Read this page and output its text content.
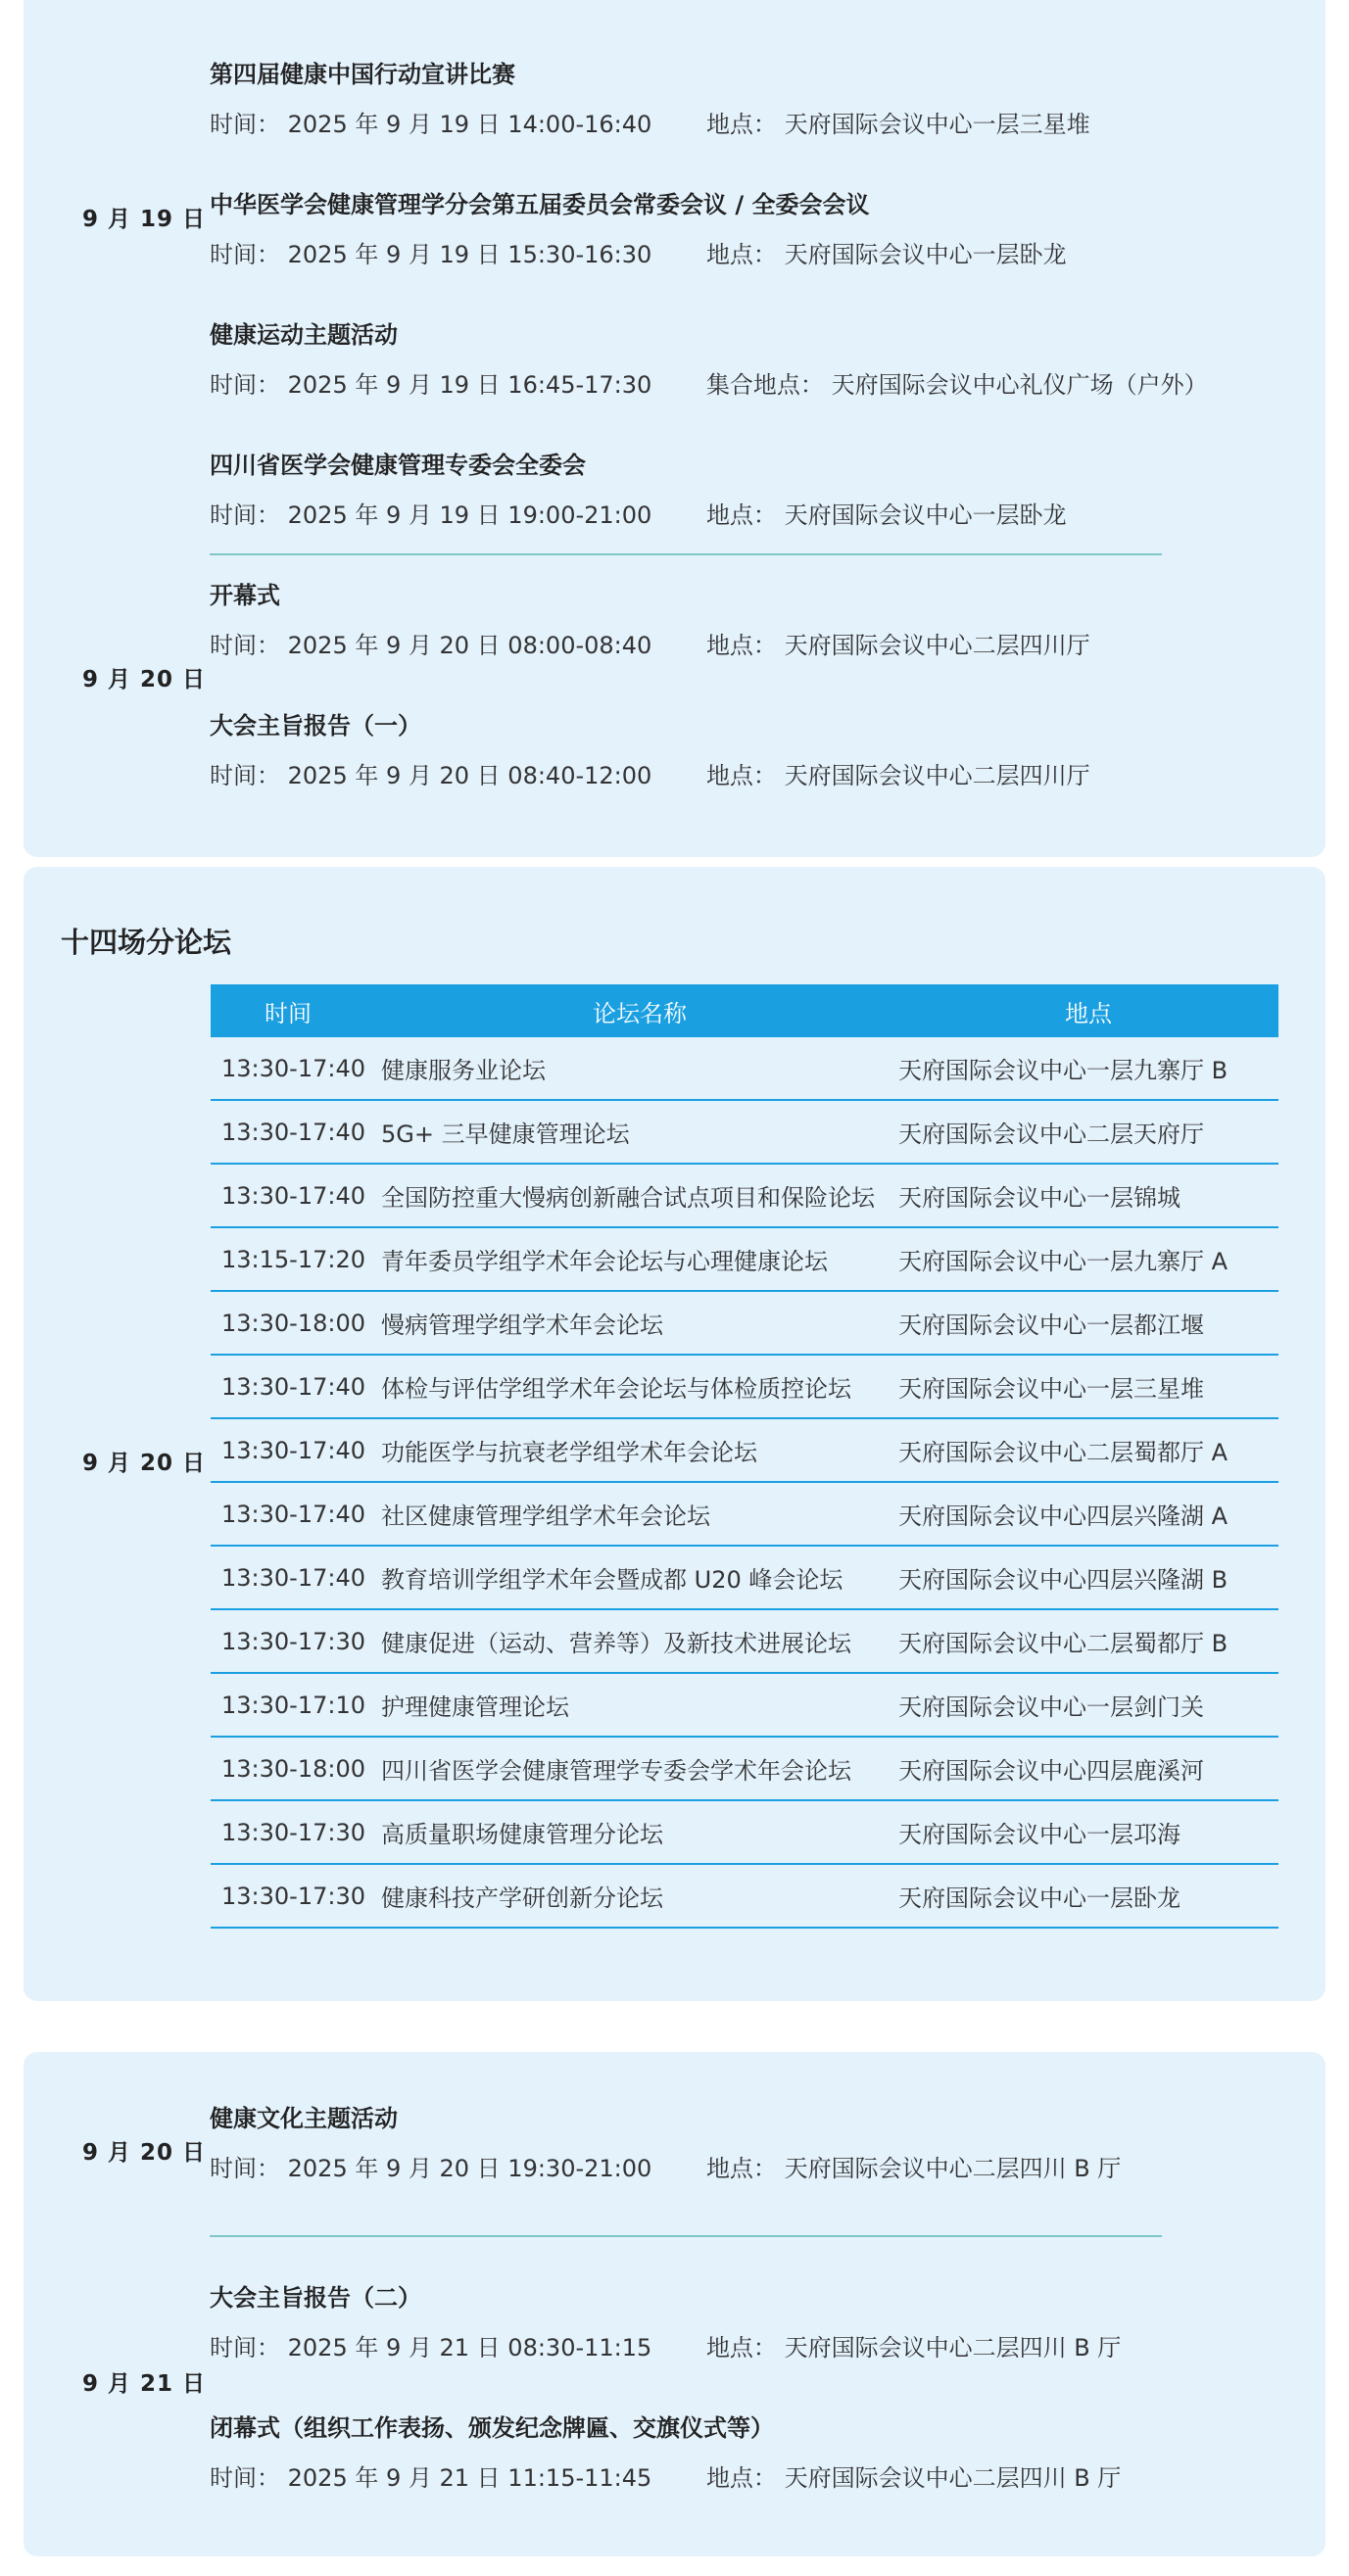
9 月 19 日
第四届健康中国行动宣讲比赛
时间： 2025 年 9 月 19 日 14:00-16:40 地点： 天府国际会议中心一层三星堆
中华医学会健康管理学分会第五届委员会常委会议 / 全委会会议
时间： 2025 年 9 月 19 日 15:30-16:30 地点： 天府国际会议中心一层卧龙
健康运动主题活动
时间： 2025 年 9 月 19 日 16:45-17:30 集合地点： 天府国际会议中心礼仪广场（户外）
四川省医学会健康管理专委会全委会
时间： 2025 年 9 月 19 日 19:00-21:00 地点： 天府国际会议中心一层卧龙
9 月 20 日
开幕式
时间： 2025 年 9 月 20 日 08:00-08:40 地点： 天府国际会议中心二层四川厅
大会主旨报告（一）
时间： 2025 年 9 月 20 日 08:40-12:00 地点： 天府国际会议中心二层四川厅
十四场分论坛
9 月 20 日
时间	论坛名称	地点
13:30-17:40	健康服务业论坛	天府国际会议中心一层九寨厅 B
13:30-17:40	5G+ 三早健康管理论坛	天府国际会议中心二层天府厅
13:30-17:40	全国防控重大慢病创新融合试点项目和保险论坛	天府国际会议中心一层锦城
13:15-17:20	青年委员学组学术年会论坛与心理健康论坛	天府国际会议中心一层九寨厅 A
13:30-18:00	慢病管理学组学术年会论坛	天府国际会议中心一层都江堰
13:30-17:40	体检与评估学组学术年会论坛与体检质控论坛	天府国际会议中心一层三星堆
13:30-17:40	功能医学与抗衰老学组学术年会论坛	天府国际会议中心二层蜀都厅 A
13:30-17:40	社区健康管理学组学术年会论坛	天府国际会议中心四层兴隆湖 A
13:30-17:40	教育培训学组学术年会暨成都 U20 峰会论坛	天府国际会议中心四层兴隆湖 B
13:30-17:30	健康促进（运动、营养等）及新技术进展论坛	天府国际会议中心二层蜀都厅 B
13:30-17:10	护理健康管理论坛	天府国际会议中心一层剑门关
13:30-18:00	四川省医学会健康管理学专委会学术年会论坛	天府国际会议中心四层鹿溪河
13:30-17:30	高质量职场健康管理分论坛	天府国际会议中心一层邛海
13:30-17:30	健康科技产学研创新分论坛	天府国际会议中心一层卧龙
9 月 20 日
健康文化主题活动
时间： 2025 年 9 月 20 日 19:30-21:00 地点： 天府国际会议中心二层四川 B 厅
9 月 21 日
大会主旨报告（二）
时间： 2025 年 9 月 21 日 08:30-11:15 地点： 天府国际会议中心二层四川 B 厅
闭幕式（组织工作表扬、颁发纪念牌匾、交旗仪式等）
时间： 2025 年 9 月 21 日 11:15-11:45 地点： 天府国际会议中心二层四川 B 厅
